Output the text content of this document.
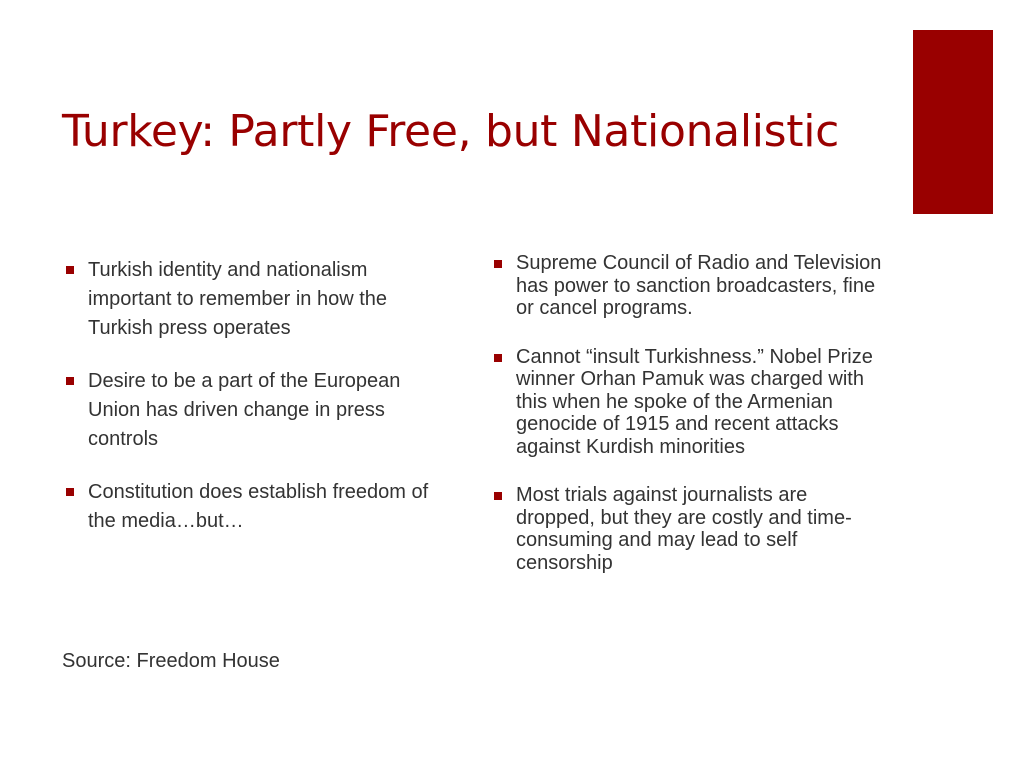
Turkey: Partly Free, but Nationalistic
Turkish identity and nationalism important to remember in how the Turkish press operates
Desire to be a part of the European Union has driven change in press controls
Constitution does establish freedom of the media…but…

Source: Freedom House

Supreme Council of Radio and Television has power to sanction broadcasters, fine or cancel programs.
Cannot “insult Turkishness.” Nobel Prize winner Orhan Pamuk was charged with this when he spoke of the Armenian genocide of 1915 and recent attacks against Kurdish minorities
Most trials against journalists are dropped, but they are costly and time-consuming and may lead to self censorship
